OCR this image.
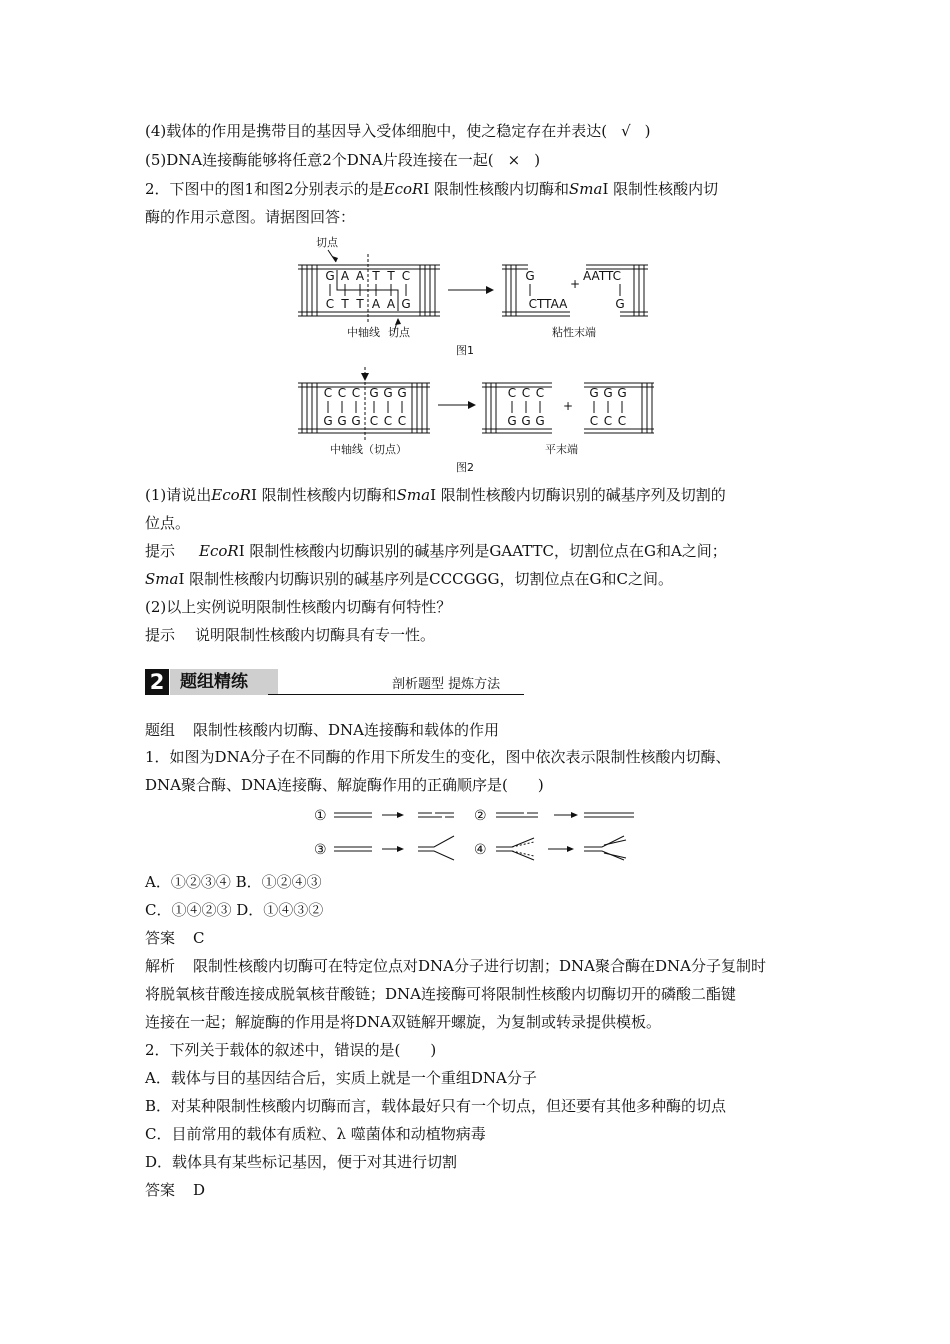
(4)载体的作用是携带目的基因导入受体细胞中，使之稳定存在并表达( √ )
(5)DNA连接酶能够将任意2个DNA片段连接在一起( × )
2．下图中的图1和图2分别表示的是EcoRⅠ 限制性核酸内切酶和SmaⅠ 限制性核酸内切
酶的作用示意图。请据图回答：
G A A T T C
C T T A A G
G
CTTAA
+
AATTC
G
切点
中轴线 切点	粘性末端
图1
C C C G G G
G G G C C C
C C C
G G G
+
G G G
C C C
中轴线（切点）	平末端
图2
(1)请说出EcoRⅠ 限制性核酸内切酶和SmaⅠ 限制性核酸内切酶识别的碱基序列及切割的
位点。
提示 EcoRⅠ 限制性核酸内切酶识别的碱基序列是GAATTC，切割位点在G和A之间；
SmaⅠ 限制性核酸内切酶识别的碱基序列是CCCGGG，切割位点在G和C之间。
(2)以上实例说明限制性核酸内切酶有何特性？
提示 说明限制性核酸内切酶具有专一性。
2 题组精练	剖析题型 提炼方法
题组 限制性核酸内切酶、DNA连接酶和载体的作用
1．如图为DNA分子在不同酶的作用下所发生的变化，图中依次表示限制性核酸内切酶、
DNA聚合酶、DNA连接酶、解旋酶作用的正确顺序是(　　)
①	②
③	④
A．①②③④ B．①②④③
C．①④②③ D．①④③②
答案 C
解析 限制性核酸内切酶可在特定位点对DNA分子进行切割；DNA聚合酶在DNA分子复制时
将脱氧核苷酸连接成脱氧核苷酸链；DNA连接酶可将限制性核酸内切酶切开的磷酸二酯键
连接在一起；解旋酶的作用是将DNA双链解开螺旋，为复制或转录提供模板。
2．下列关于载体的叙述中，错误的是(　　)
A．载体与目的基因结合后，实质上就是一个重组DNA分子
B．对某种限制性核酸内切酶而言，载体最好只有一个切点，但还要有其他多种酶的切点
C．目前常用的载体有质粒、λ 噬菌体和动植物病毒
D．载体具有某些标记基因，便于对其进行切割
答案 D
